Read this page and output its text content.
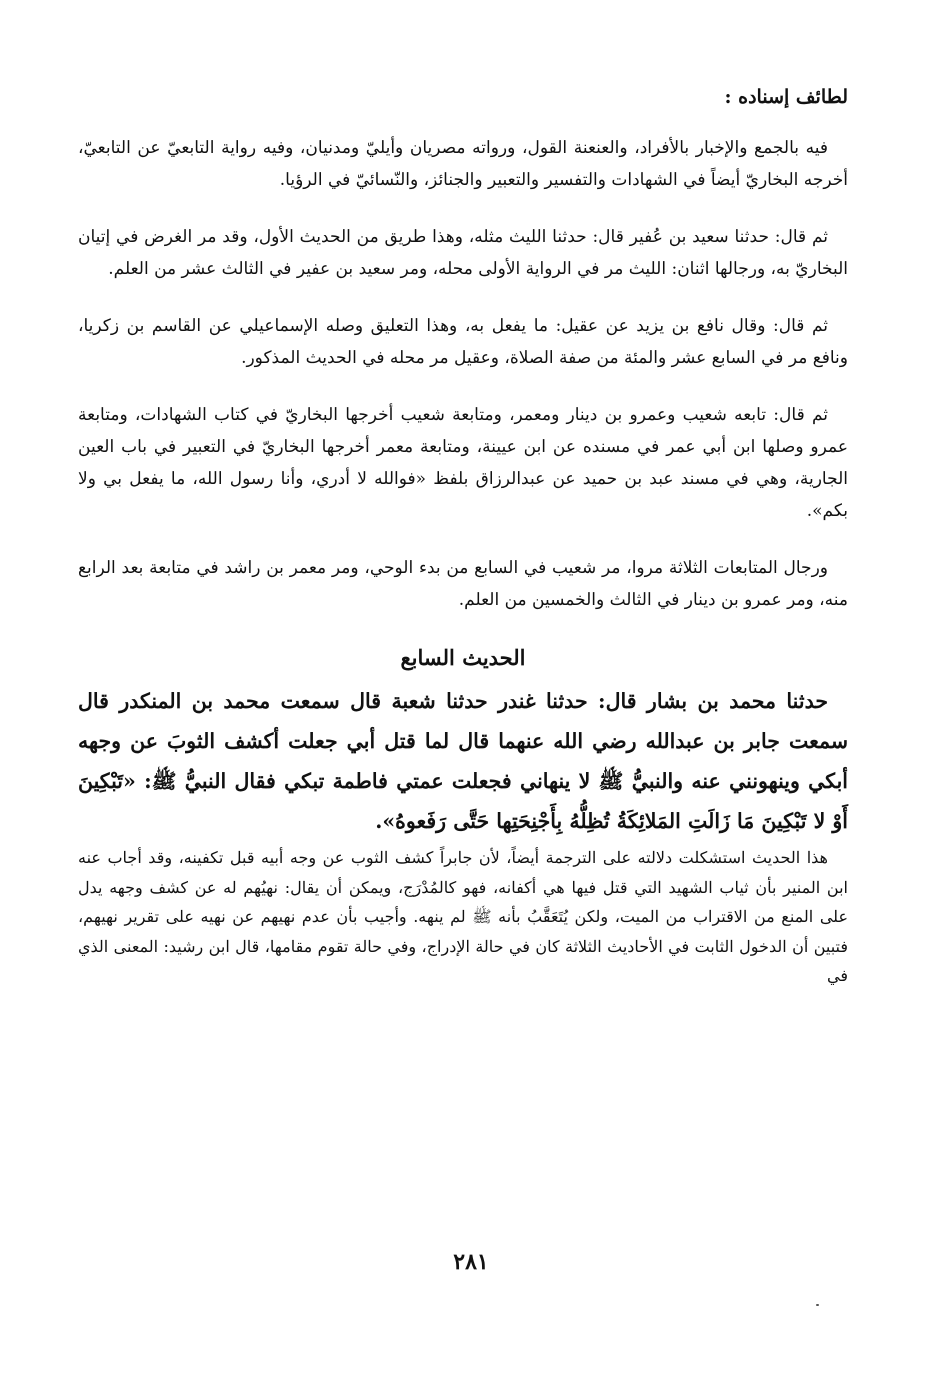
لطائف إسناده :

فيه بالجمع والإخبار بالأفراد، والعنعنة القول، ورواته مصريان وأيليّ ومدنيان، وفيه رواية التابعيّ عن التابعيّ، أخرجه البخاريّ أيضاً في الشهادات والتفسير والتعبير والجنائز، والنّسائيّ في الرؤيا.

ثم قال: حدثنا سعيد بن عُفير قال: حدثنا الليث مثله، وهذا طريق من الحديث الأول، وقد مر الغرض في إتيان البخاريّ به، ورجالها اثنان: الليث مر في الرواية الأولى محله، ومر سعيد بن عفير في الثالث عشر من العلم.

ثم قال: وقال نافع بن يزيد عن عقيل: ما يفعل به، وهذا التعليق وصله الإسماعيلي عن القاسم بن زكريا، ونافع مر في السابع عشر والمئة من صفة الصلاة، وعقيل مر محله في الحديث المذكور.

ثم قال: تابعه شعيب وعمرو بن دينار ومعمر، ومتابعة شعيب أخرجها البخاريّ في كتاب الشهادات، ومتابعة عمرو وصلها ابن أبي عمر في مسنده عن ابن عيينة، ومتابعة معمر أخرجها البخاريّ في التعبير في باب العين الجارية، وهي في مسند عبد بن حميد عن عبدالرزاق بلفظ «فوالله لا أدري، وأنا رسول الله، ما يفعل بي ولا بكم».

ورجال المتابعات الثلاثة مروا، مر شعيب في السابع من بدء الوحي، ومر معمر بن راشد في متابعة بعد الرابع منه، ومر عمرو بن دينار في الثالث والخمسين من العلم.

الحديث السابع

حدثنا محمد بن بشار قال: حدثنا غندر حدثنا شعبة قال سمعت محمد بن المنكدر قال سمعت جابر بن عبدالله رضي الله عنهما قال لما قتل أبي جعلت أكشف الثوبَ عن وجهه أبكي وينهونني عنه والنبيُّ ﷺ لا ينهاني فجعلت عمتي فاطمة تبكي فقال النبيُّ ﷺ: «تَبْكِينَ أَوْ لا تَبْكِينَ مَا زَالَتِ المَلائِكَةُ تُظِلُّهُ بِأَجْنِحَتِها حَتَّى رَفَعوهُ».

هذا الحديث استشكلت دلالته على الترجمة أيضاً، لأن جابراً كشف الثوب عن وجه أبيه قبل تكفينه، وقد أجاب عنه ابن المنير بأن ثياب الشهيد التي قتل فيها هي أكفانه، فهو كالمُدْرَج، ويمكن أن يقال: نهيُهم له عن كشف وجهه يدل على المنع من الاقتراب من الميت، ولكن يُتَعَقَّبُ بأنه ﷺ لم ينهه. وأجيب بأن عدم نهيهم عن نهيه على تقرير نهيهم، فتبين أن الدخول الثابت في الأحاديث الثلاثة كان في حالة الإدراج، وفي حالة تقوم مقامها، قال ابن رشيد: المعنى الذي في

٢٨١
